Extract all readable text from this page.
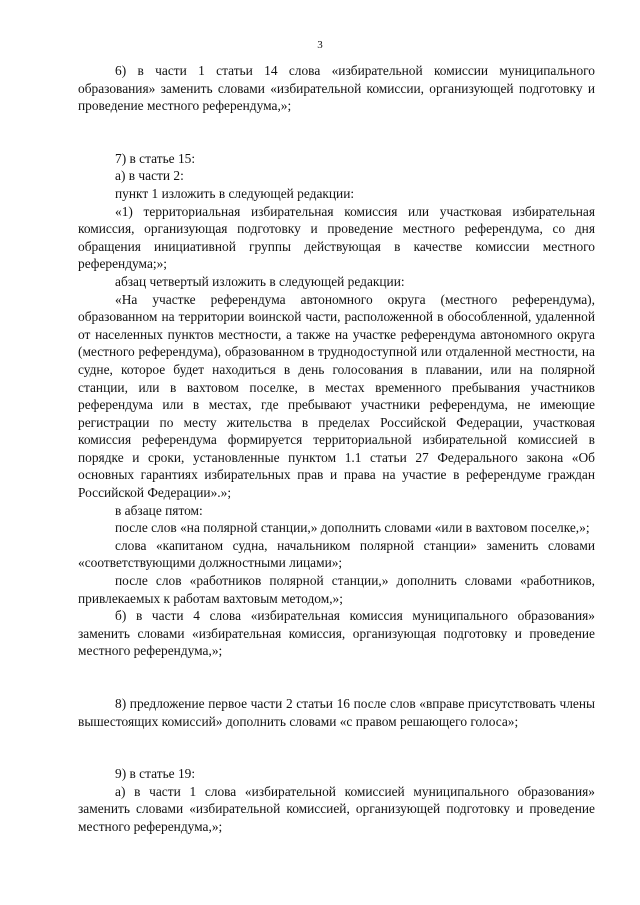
3

6) в части 1 статьи 14 слова «избирательной комиссии муниципального образования» заменить словами «избирательной комиссии, организующей подготовку и проведение местного референдума,»;

7) в статье 15:

а) в части 2:

пункт 1 изложить в следующей редакции:

«1) территориальная избирательная комиссия или участковая избирательная комиссия, организующая подготовку и проведение местного референдума, со дня обращения инициативной группы действующая в качестве комиссии местного референдума;»;

абзац четвертый изложить в следующей редакции:

«На участке референдума автономного округа (местного референдума), образованном на территории воинской части, расположенной в обособленной, удаленной от населенных пунктов местности, а также на участке референдума автономного округа (местного референдума), образованном в труднодоступной или отдаленной местности, на судне, которое будет находиться в день голосования в плавании, или на полярной станции, или в вахтовом поселке, в местах временного пребывания участников референдума или в местах, где пребывают участники референдума, не имеющие регистрации по месту жительства в пределах Российской Федерации, участковая комиссия референдума формируется территориальной избирательной комиссией в порядке и сроки, установленные пунктом 1.1 статьи 27 Федерального закона «Об основных гарантиях избирательных прав и права на участие в референдуме граждан Российской Федерации».»;

в абзаце пятом:

после слов «на полярной станции,» дополнить словами «или в вахтовом поселке,»;

слова «капитаном судна, начальником полярной станции» заменить словами «соответствующими должностными лицами»;

после слов «работников полярной станции,» дополнить словами «работников, привлекаемых к работам вахтовым методом,»;

б) в части 4 слова «избирательная комиссия муниципального образования» заменить словами «избирательная комиссия, организующая подготовку и проведение местного референдума,»;

8) предложение первое части 2 статьи 16 после слов «вправе присутствовать члены вышестоящих комиссий» дополнить словами «с правом решающего голоса»;

9) в статье 19:

а) в части 1 слова «избирательной комиссией муниципального образования» заменить словами «избирательной комиссией, организующей подготовку и проведение местного референдума,»;
